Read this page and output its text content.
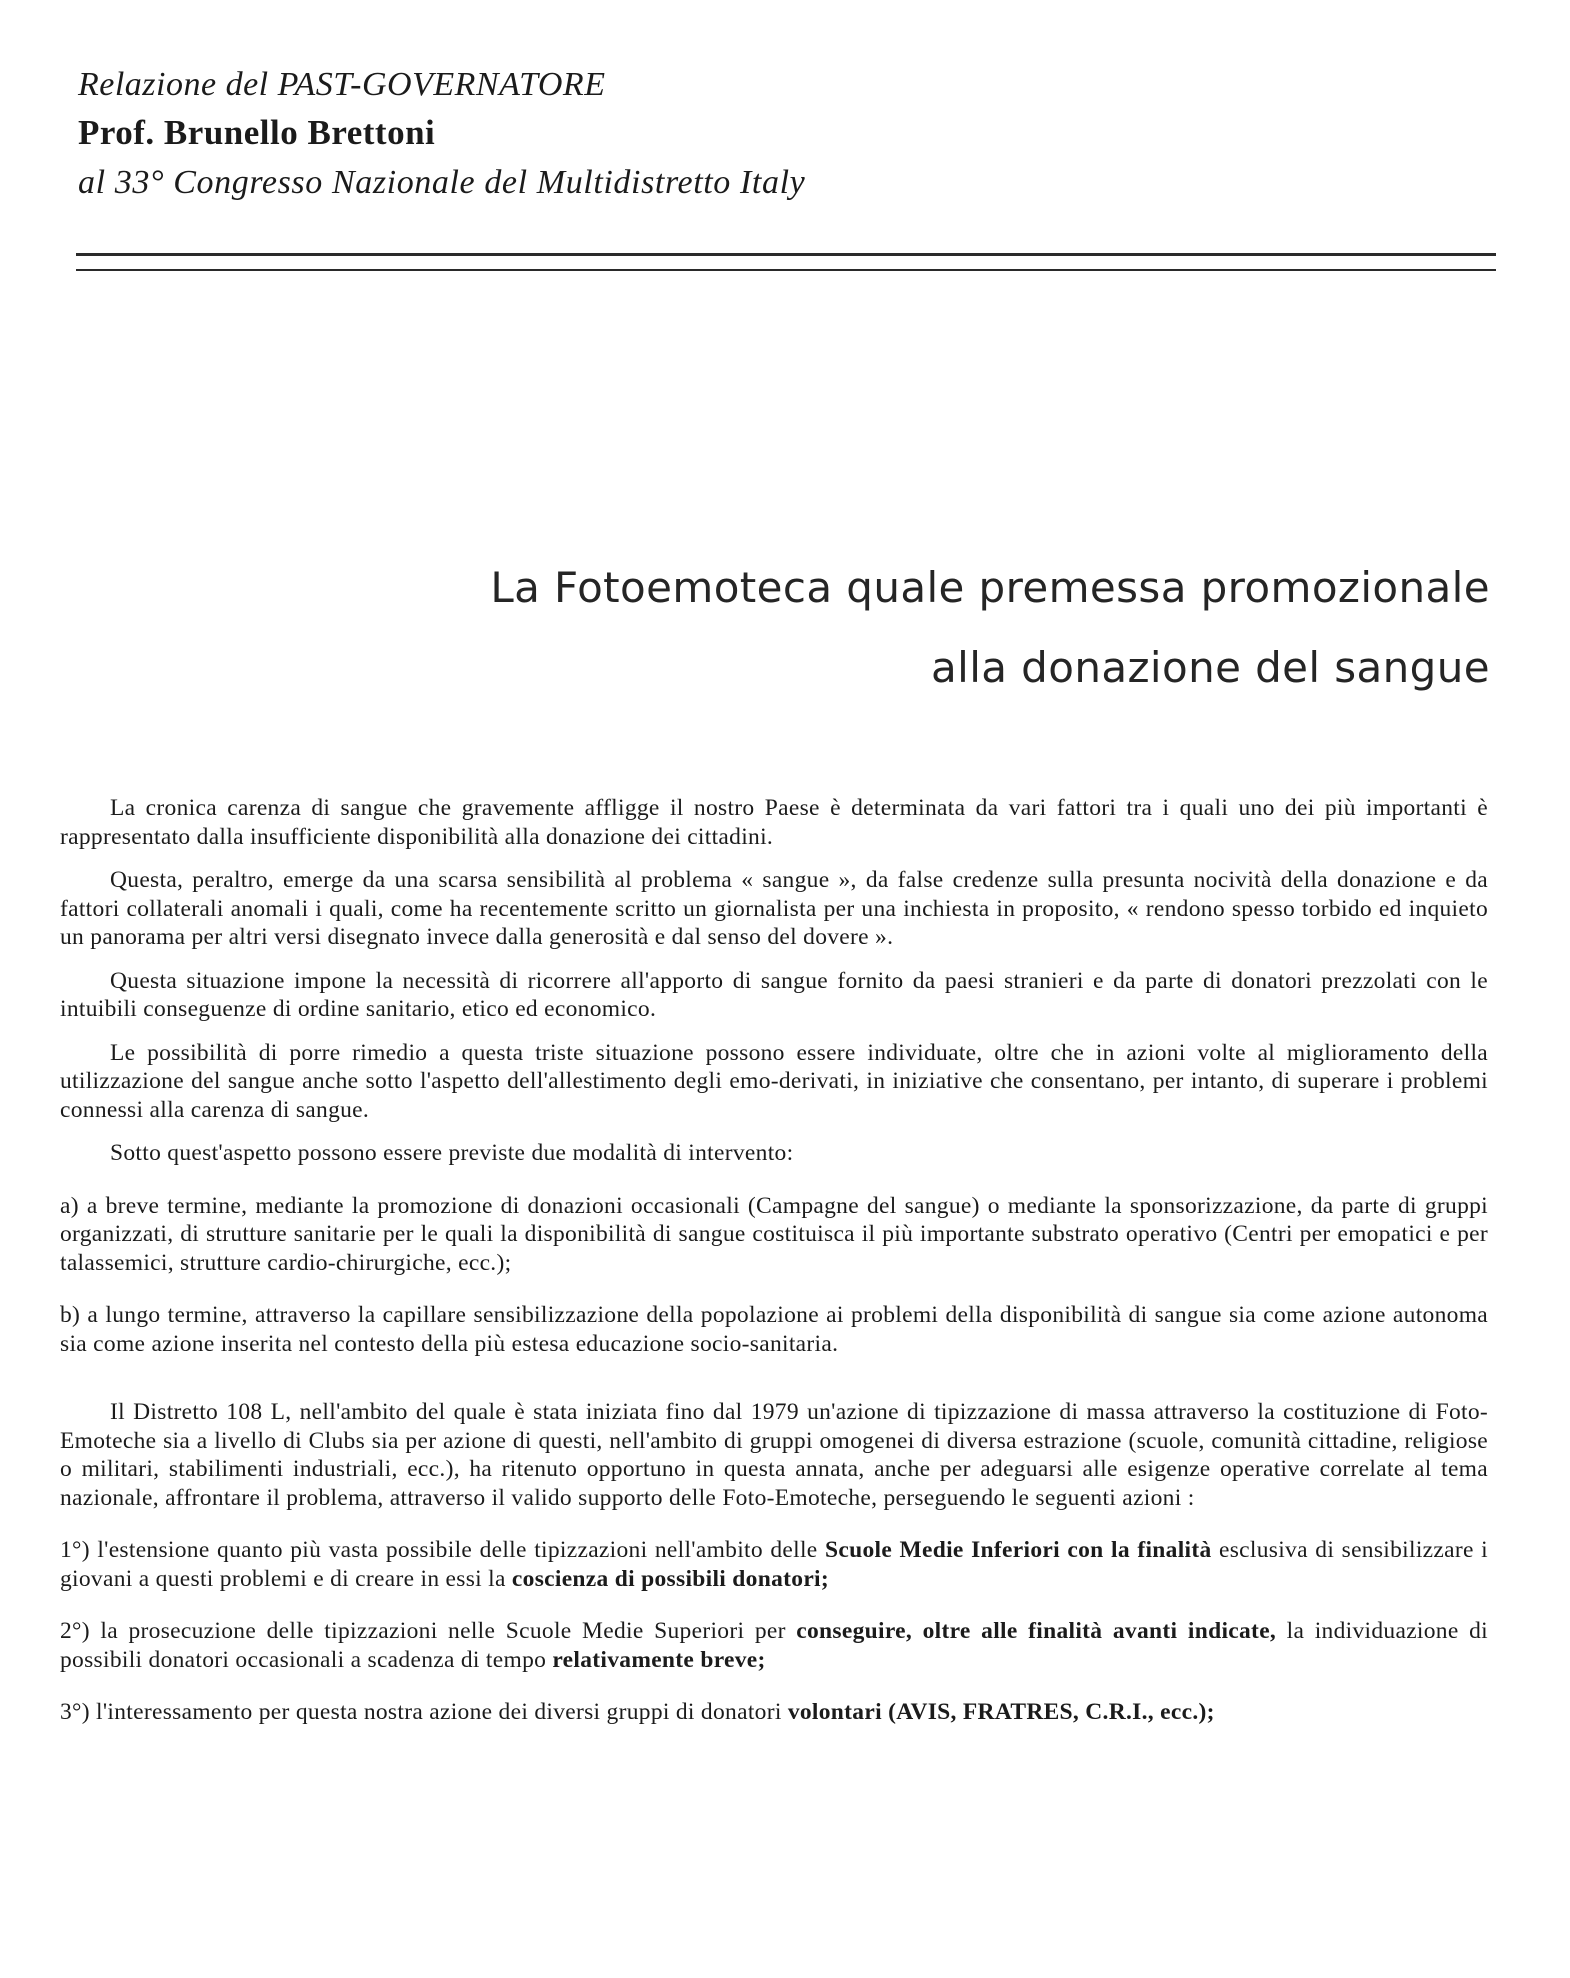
Relazione del PAST-GOVERNATORE
Prof. Brunello Brettoni
al 33° Congresso Nazionale del Multidistretto Italy
La Fotoemoteca quale premessa promozionale
alla donazione del sangue

La cronica carenza di sangue che gravemente affligge il nostro Paese è determinata da vari fattori tra i quali uno dei più importanti è rappresentato dalla insufficiente disponibilità alla donazione dei cittadini.

Questa, peraltro, emerge da una scarsa sensibilità al problema « sangue », da false credenze sulla presunta nocività della donazione e da fattori collaterali anomali i quali, come ha recentemente scritto un giornalista per una inchiesta in proposito, « rendono spesso torbido ed inquieto un panorama per altri versi disegnato invece dalla generosità e dal senso del dovere ».

Questa situazione impone la necessità di ricorrere all'apporto di sangue fornito da paesi stranieri e da parte di donatori prezzolati con le intuibili conseguenze di ordine sanitario, etico ed economico.

Le possibilità di porre rimedio a questa triste situazione possono essere individuate, oltre che in azioni volte al miglioramento della utilizzazione del sangue anche sotto l'aspetto dell'allestimento degli emo-derivati, in iniziative che consentano, per intanto, di superare i problemi connessi alla carenza di sangue.

Sotto quest'aspetto possono essere previste due modalità di intervento:

a) a breve termine, mediante la promozione di donazioni occasionali (Campagne del sangue) o mediante la sponsorizzazione, da parte di gruppi organizzati, di strutture sanitarie per le quali la disponibilità di sangue costituisca il più importante substrato operativo (Centri per emopatici e per talassemici, strutture cardio-chirurgiche, ecc.);

b) a lungo termine, attraverso la capillare sensibilizzazione della popolazione ai problemi della disponibilità di sangue sia come azione autonoma sia come azione inserita nel contesto della più estesa educazione socio-sanitaria.

Il Distretto 108 L, nell'ambito del quale è stata iniziata fino dal 1979 un'azione di tipizzazione di massa attraverso la costituzione di Foto-Emoteche sia a livello di Clubs sia per azione di questi, nell'ambito di gruppi omogenei di diversa estrazione (scuole, comunità cittadine, religiose o militari, stabilimenti industriali, ecc.), ha ritenuto opportuno in questa annata, anche per adeguarsi alle esigenze operative correlate al tema nazionale, affrontare il problema, attraverso il valido supporto delle Foto-Emoteche, perseguendo le seguenti azioni :

1°) l'estensione quanto più vasta possibile delle tipizzazioni nell'ambito delle Scuole Medie Inferiori con la finalità esclusiva di sensibilizzare i giovani a questi problemi e di creare in essi la coscienza di possibili donatori;

2°) la prosecuzione delle tipizzazioni nelle Scuole Medie Superiori per conseguire, oltre alle finalità avanti indicate, la individuazione di possibili donatori occasionali a scadenza di tempo relativamente breve;

3°) l'interessamento per questa nostra azione dei diversi gruppi di donatori volontari (AVIS, FRATRES, C.R.I., ecc.);
